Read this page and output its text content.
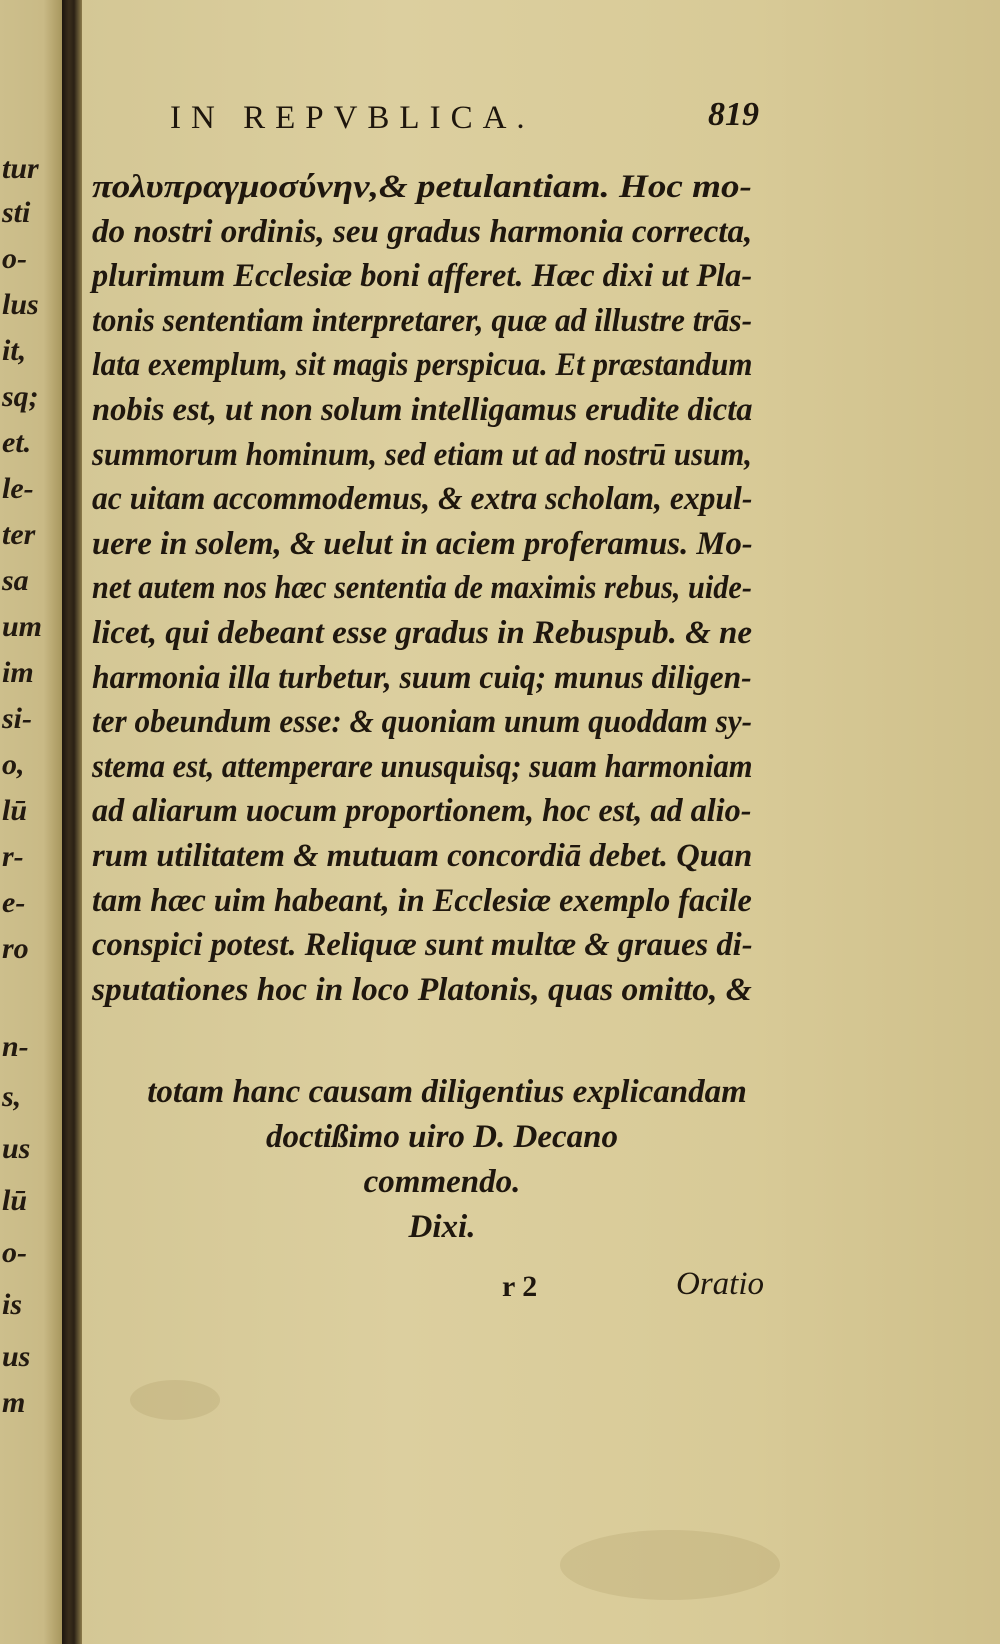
tur
sti
o-
lus
it,
sq;
et.
le-
ter
sa
um
im
si-
o,
lū
r-
e-
ro
n-
s,
us
lū
o-
is
us
m
IN REPVBLICA.	819
πολυπραγμοσύνην,& petulantiam. Hoc mo-
do nostri ordinis, seu gradus harmonia correcta,
plurimum Ecclesiæ boni afferet. Hæc dixi ut Pla-
tonis sententiam interpretarer, quæ ad illustre trās-
lata exemplum, sit magis perspicua. Et præstandum
nobis est, ut non solum intelligamus erudite dicta
summorum hominum, sed etiam ut ad nostrū usum,
ac uitam accommodemus, & extra scholam, expul-
uere in solem, & uelut in aciem proferamus. Mo-
net autem nos hæc sententia de maximis rebus, uide-
licet, qui debeant esse gradus in Rebuspub. & ne
harmonia illa turbetur, suum cuiq; munus diligen-
ter obeundum esse: & quoniam unum quoddam sy-
stema est, attemperare unusquisq; suam harmoniam
ad aliarum uocum proportionem, hoc est, ad alio-
rum utilitatem & mutuam concordiā debet. Quan
tam hæc uim habeant, in Ecclesiæ exemplo facile
conspici potest. Reliquæ sunt multæ & graues di-
sputationes hoc in loco Platonis, quas omitto, &
totam hanc causam diligentius explicandam
doctißimo uiro D. Decano
commendo.
Dixi.
r 2	Oratio
